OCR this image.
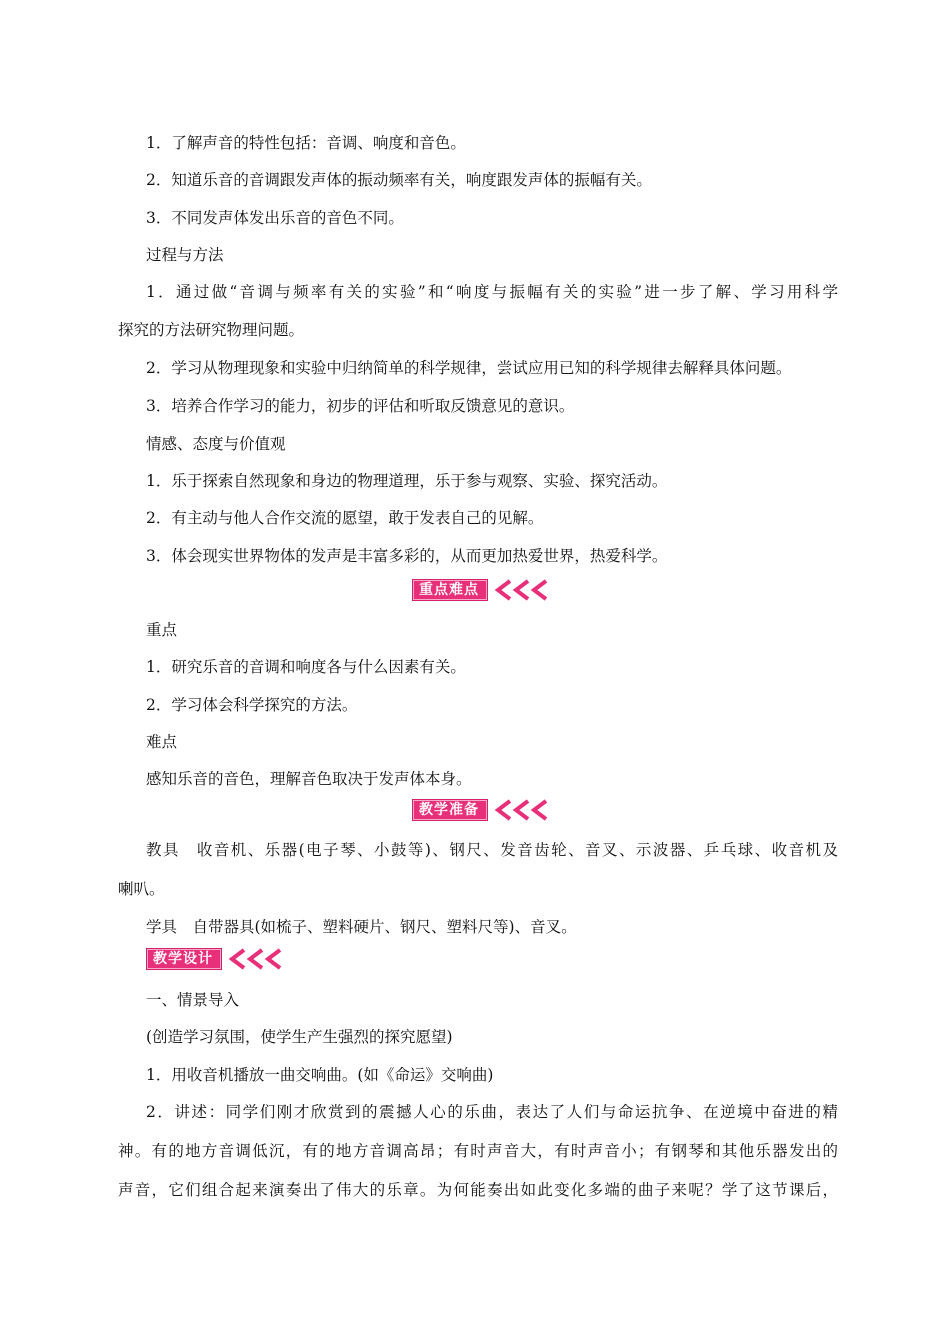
1．了解声音的特性包括：音调、响度和音色。
2．知道乐音的音调跟发声体的振动频率有关，响度跟发声体的振幅有关。
3．不同发声体发出乐音的音色不同。
过程与方法
1．通过做“音调与频率有关的实验”和“响度与振幅有关的实验”进一步了解、学习用科学
探究的方法研究物理问题。
2．学习从物理现象和实验中归纳简单的科学规律，尝试应用已知的科学规律去解释具体问题。
3．培养合作学习的能力，初步的评估和听取反馈意见的意识。
情感、态度与价值观
1．乐于探索自然现象和身边的物理道理，乐于参与观察、实验、探究活动。
2．有主动与他人合作交流的愿望，敢于发表自己的见解。
3．体会现实世界物体的发声是丰富多彩的，从而更加热爱世界，热爱科学。
重点难点
重点
1．研究乐音的音调和响度各与什么因素有关。
2．学习体会科学探究的方法。
难点
感知乐音的音色，理解音色取决于发声体本身。
教学准备
教具　收音机、乐器(电子琴、小鼓等)、钢尺、发音齿轮、音叉、示波器、乒乓球、收音机及
喇叭。
学具　自带器具(如梳子、塑料硬片、钢尺、塑料尺等)、音叉。
教学设计
一、情景导入
(创造学习氛围，使学生产生强烈的探究愿望)
1．用收音机播放一曲交响曲。(如《命运》交响曲)
2．讲述：同学们刚才欣赏到的震撼人心的乐曲，表达了人们与命运抗争、在逆境中奋进的精
神。有的地方音调低沉，有的地方音调高昂；有时声音大，有时声音小；有钢琴和其他乐器发出的
声音，它们组合起来演奏出了伟大的乐章。为何能奏出如此变化多端的曲子来呢？学了这节课后，
